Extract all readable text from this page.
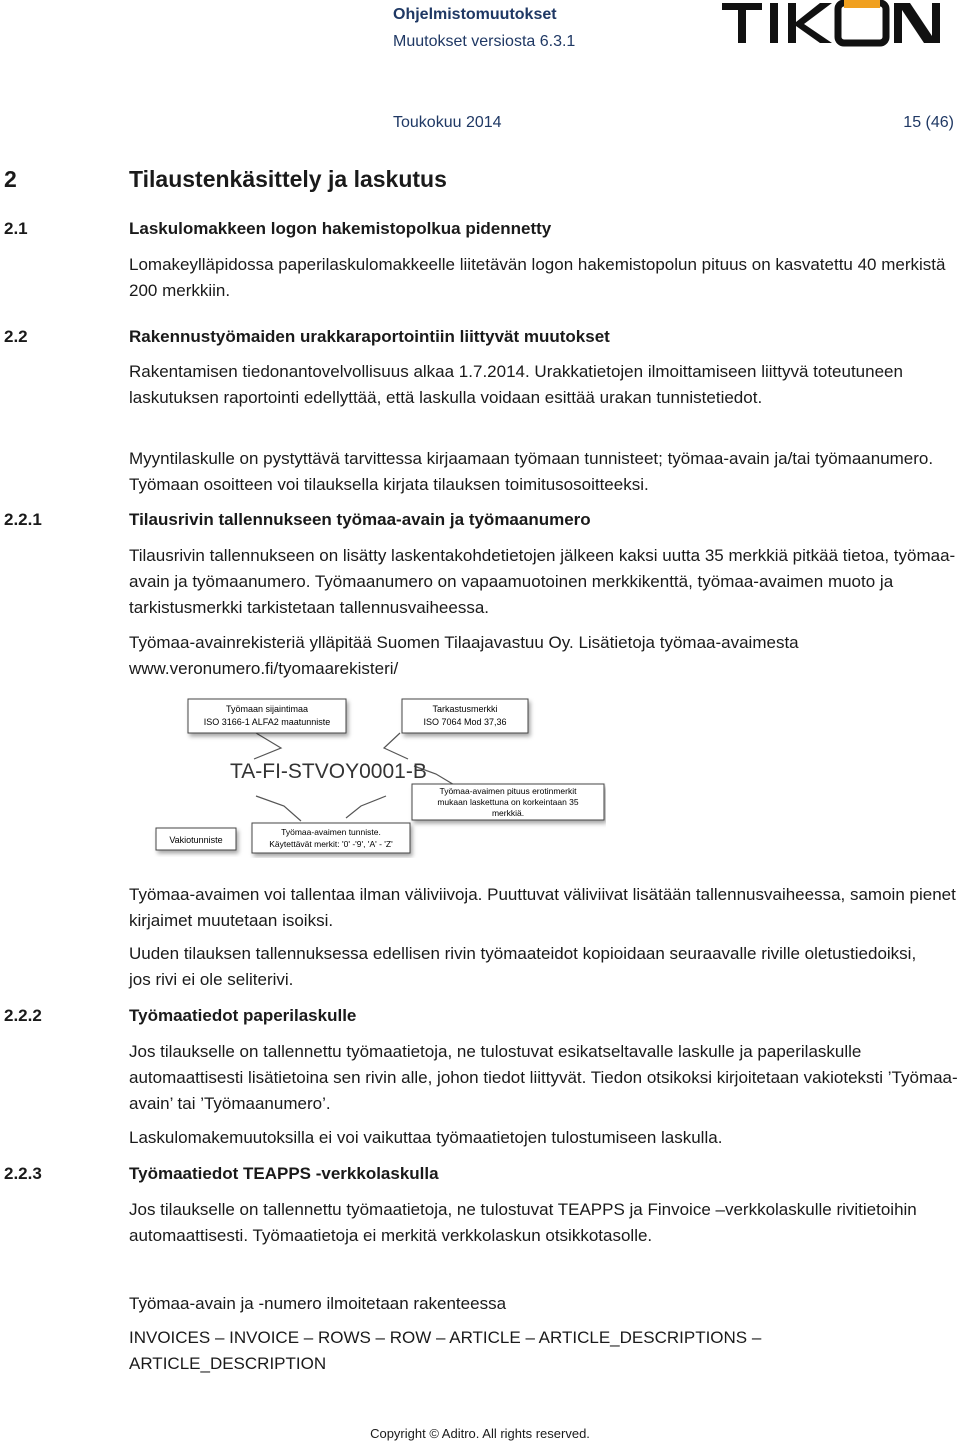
Ohjelmistomuutokset
Muutokset versiosta 6.3.1
Toukokuu 2014	15 (46)
2	Tilaustenkäsittely ja laskutus
2.1	Laskulomakkeen logon hakemistopolkua pidennetty
Lomakeylläpidossa paperilaskulomakkeelle liitetävän logon hakemistopolun pituus on kasvatettu 40 merkistä 200 merkkiin.
2.2	Rakennustyömaiden urakkaraportointiin liittyvät muutokset
Rakentamisen tiedonantovelvollisuus alkaa 1.7.2014. Urakkatietojen ilmoittamiseen liittyvä toteutuneen laskutuksen raportointi edellyttää, että laskulla voidaan esittää urakan tunnistetiedot.
Myyntilaskulle on pystyttävä tarvittessa kirjaamaan työmaan tunnisteet; työmaa-avain ja/tai työmaanumero. Työmaan osoitteen voi tilauksella kirjata tilauksen toimitusosoitteeksi.
2.2.1	Tilausrivin tallennukseen työmaa-avain ja työmaanumero
Tilausrivin tallennukseen on lisätty laskentakohdetietojen jälkeen kaksi uutta 35 merkkiä pitkää tietoa, työmaa-avain ja työmaanumero. Työmaanumero on vapaamuotoinen merkkikenttä, työmaa-avaimen muoto ja tarkistusmerkki tarkistetaan tallennusvaiheessa.
Työmaa-avainrekisteriä ylläpitää Suomen Tilaajavastuu Oy. Lisätietoja työmaa-avaimesta www.veronumero.fi/tyomaarekisteri/
Työmaan sijaintimaa
ISO 3166-1 ALFA2 maatunniste
Tarkastusmerkki
ISO 7064 Mod 37,36
TA-FI-STVOY0001-B
Työmaa-avaimen pituus erotinmerkit
mukaan laskettuna on korkeintaan 35
merkkiä.
Vakiotunniste
Työmaa-avaimen tunniste.
Käytettävät merkit: '0' -'9', 'A' - 'Z'
Työmaa-avaimen voi tallentaa ilman väliviivoja. Puuttuvat väliviivat lisätään tallennusvaiheessa, samoin pienet kirjaimet muutetaan isoiksi.
Uuden tilauksen tallennuksessa edellisen rivin työmaateidot kopioidaan seuraavalle riville oletustiedoiksi, jos rivi ei ole seliterivi.
2.2.2	Työmaatiedot paperilaskulle
Jos tilaukselle on tallennettu työmaatietoja, ne tulostuvat esikatseltavalle laskulle ja paperilaskulle automaattisesti lisätietoina sen rivin alle, johon tiedot liittyvät. Tiedon otsikoksi kirjoitetaan vakioteksti ’Työmaa-avain’ tai ’Työmaanumero’.
Laskulomakemuutoksilla ei voi vaikuttaa työmaatietojen tulostumiseen laskulla.
2.2.3	Työmaatiedot TEAPPS -verkkolaskulla
Jos tilaukselle on tallennettu työmaatietoja, ne tulostuvat TEAPPS ja Finvoice –verkkolaskulle rivitietoihin automaattisesti. Työmaatietoja ei merkitä verkkolaskun otsikkotasolle.
Työmaa-avain ja -numero ilmoitetaan rakenteessa
INVOICES – INVOICE – ROWS – ROW – ARTICLE – ARTICLE_DESCRIPTIONS – ARTICLE_DESCRIPTION
Copyright © Aditro. All rights reserved.
